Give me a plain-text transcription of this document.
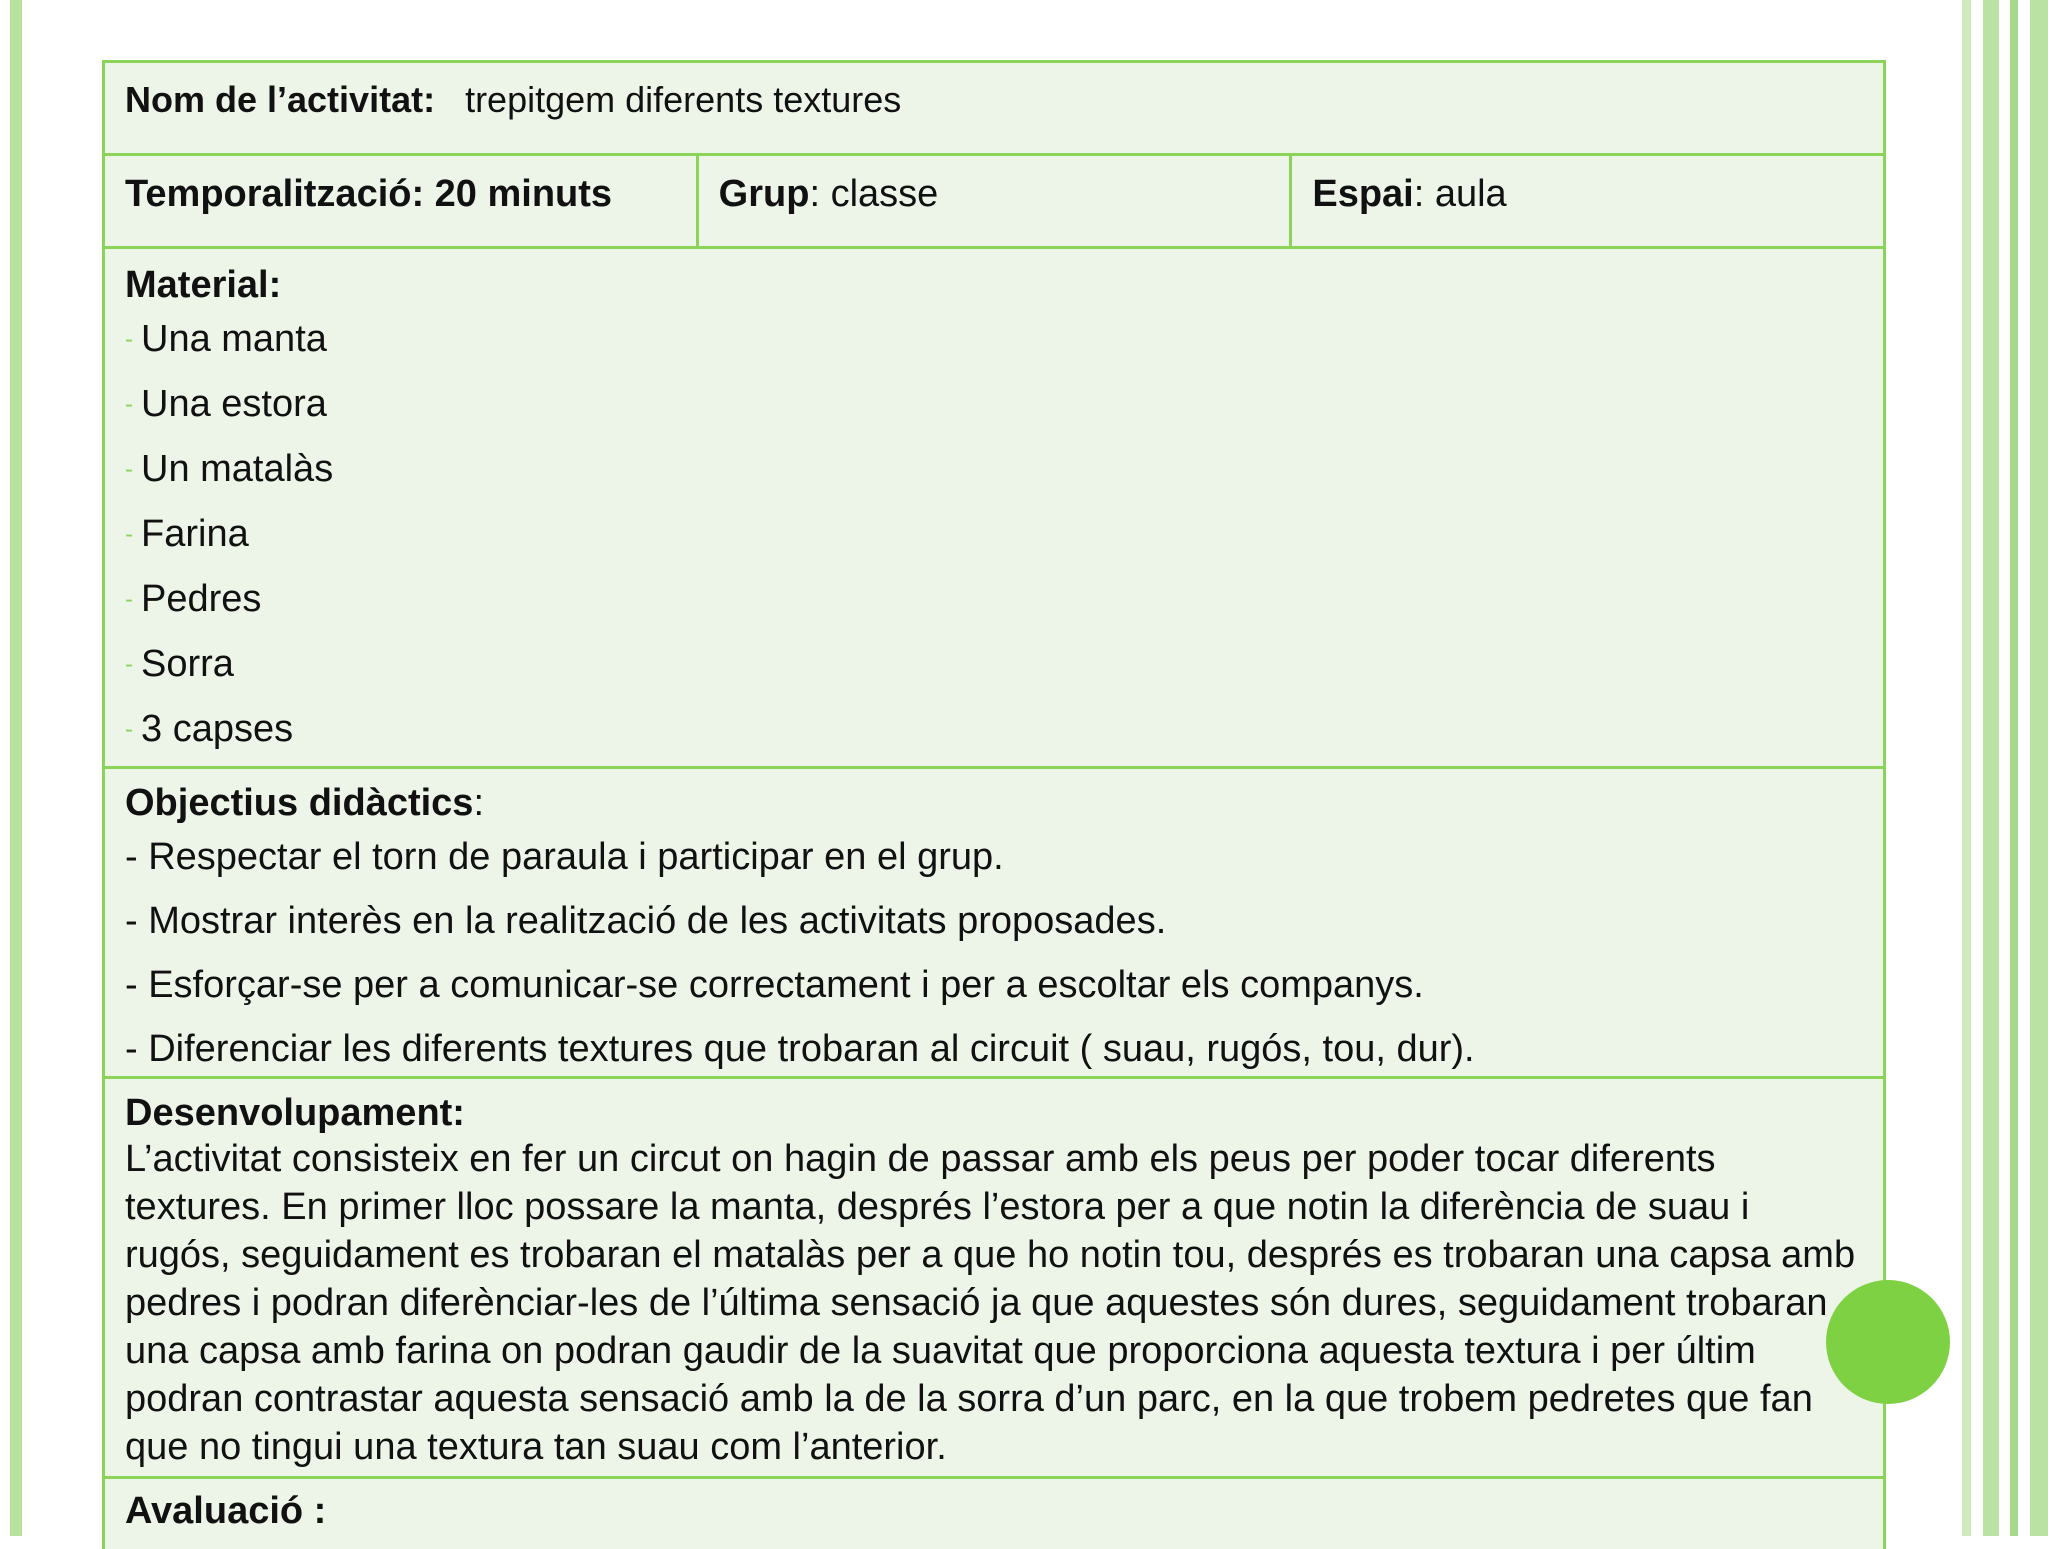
Nom de l’activitat: trepitgem diferents textures
Temporalització: 20 minuts	Grup: classe	Espai: aula
Material:
- Una manta
- Una estora
- Un matalàs
- Farina
- Pedres
- Sorra
- 3 capses
Objectius didàctics:
- Respectar el torn de paraula i participar en el grup.
- Mostrar interès en la realització de les activitats proposades.
- Esforçar-se per a comunicar-se correctament i per a escoltar els companys.
- Diferenciar les diferents textures que trobaran al circuit ( suau, rugós, tou, dur).
Desenvolupament:
L’activitat consisteix en fer un circut on hagin de passar amb els peus per poder tocar diferents textures. En primer lloc possare la manta, després l’estora per a que notin la diferència de suau i rugós, seguidament es trobaran el matalàs per a que ho notin tou, després es trobaran una capsa amb pedres i podran diferènciar-les de l’última sensació ja que aquestes són dures, seguidament trobaran una capsa amb farina on podran gaudir de la suavitat que proporciona aquesta textura i per últim podran contrastar aquesta sensació amb la de la sorra d’un parc, en la que trobem pedretes que fan que no tingui una textura tan suau com l’anterior.
Avaluació :
